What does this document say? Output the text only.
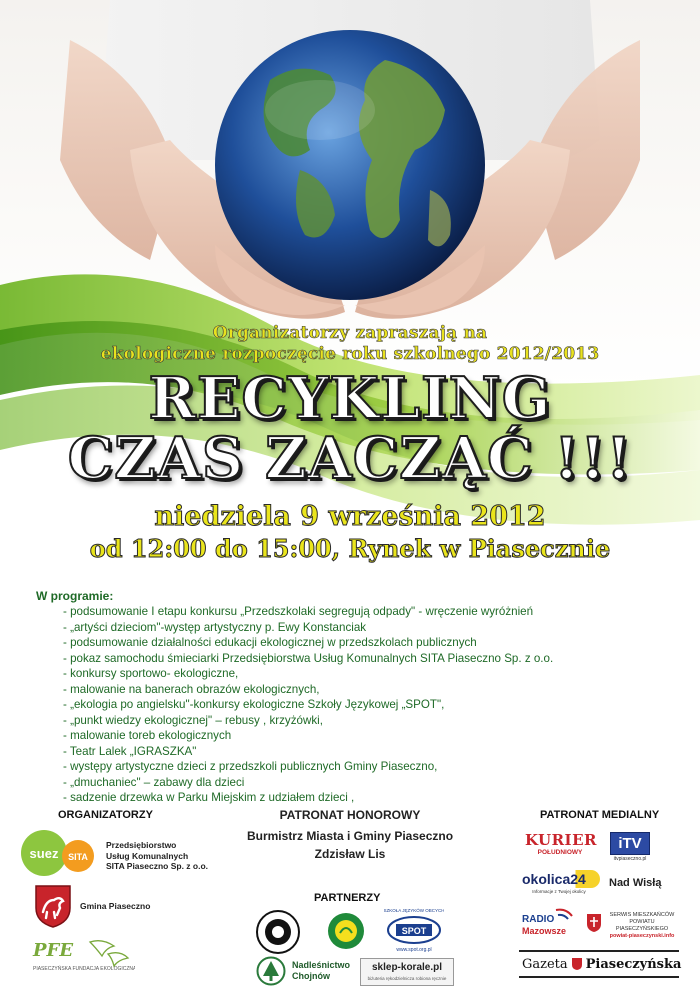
Organizatorzy zapraszają na
ekologiczne rozpoczęcie roku szkolnego 2012/2013
RECYKLING
CZAS ZACZĄĆ !!!
niedziela 9 września 2012
od 12:00 do 15:00, Rynek w Piasecznie
W programie:
- podsumowanie I etapu konkursu „Przedszkolaki segregują odpady" - wręczenie wyróżnień
- „artyści dzieciom"-występ artystyczny p. Ewy Konstanciak
- podsumowanie działalności edukacji ekologicznej w przedszkolach publicznych
- pokaz samochodu śmieciarki Przedsiębiorstwa Usług Komunalnych SITA Piaseczno Sp. z o.o.
- konkursy sportowo- ekologiczne,
- malowanie na banerach obrazów ekologicznych,
- „ekologia po angielsku"-konkursy ekologiczne Szkoły Językowej „SPOT",
- „punkt wiedzy ekologicznej" – rebusy , krzyżówki,
- malowanie toreb ekologicznych
- Teatr Lalek „IGRASZKA"
- występy artystyczne dzieci z przedszkoli publicznych Gminy Piaseczno,
- „dmuchaniec" – zabawy dla dzieci
- sadzenie drzewka w Parku Miejskim z udziałem dzieci ,
ORGANIZATORZY
suez SITA
Przedsiębiorstwo
Usług Komunalnych
SITA Piaseczno Sp. z o.o.
Gmina Piaseczno
PFE
PIASECZYŃSKA FUNDACJA EKOLOGICZNA
PATRONAT HONOROWY
Burmistrz Miasta i Gminy Piaseczno
Zdzisław Lis
PARTNERZY
SZKOŁA JĘZYKÓW OBCYCH
SPOT
www.spot.org.pl
Nadleśnictwo
Chojnów
sklep-korale.pl
biżuteria rękodzielnicza robiona ręcznie
PATRONAT MEDIALNY
KURIER
POŁUDNIOWY
iTV
itvpiaseczno.pl
okolica24
Informacje z Twojej okolicy
Nad Wisłą
RADIO
Mazowsze
SERWIS MIESZKAŃCÓW
POWIATU PIASECZYŃSKIEGO
powiat-piaseczynski.info
Gazeta Piaseczyńska
